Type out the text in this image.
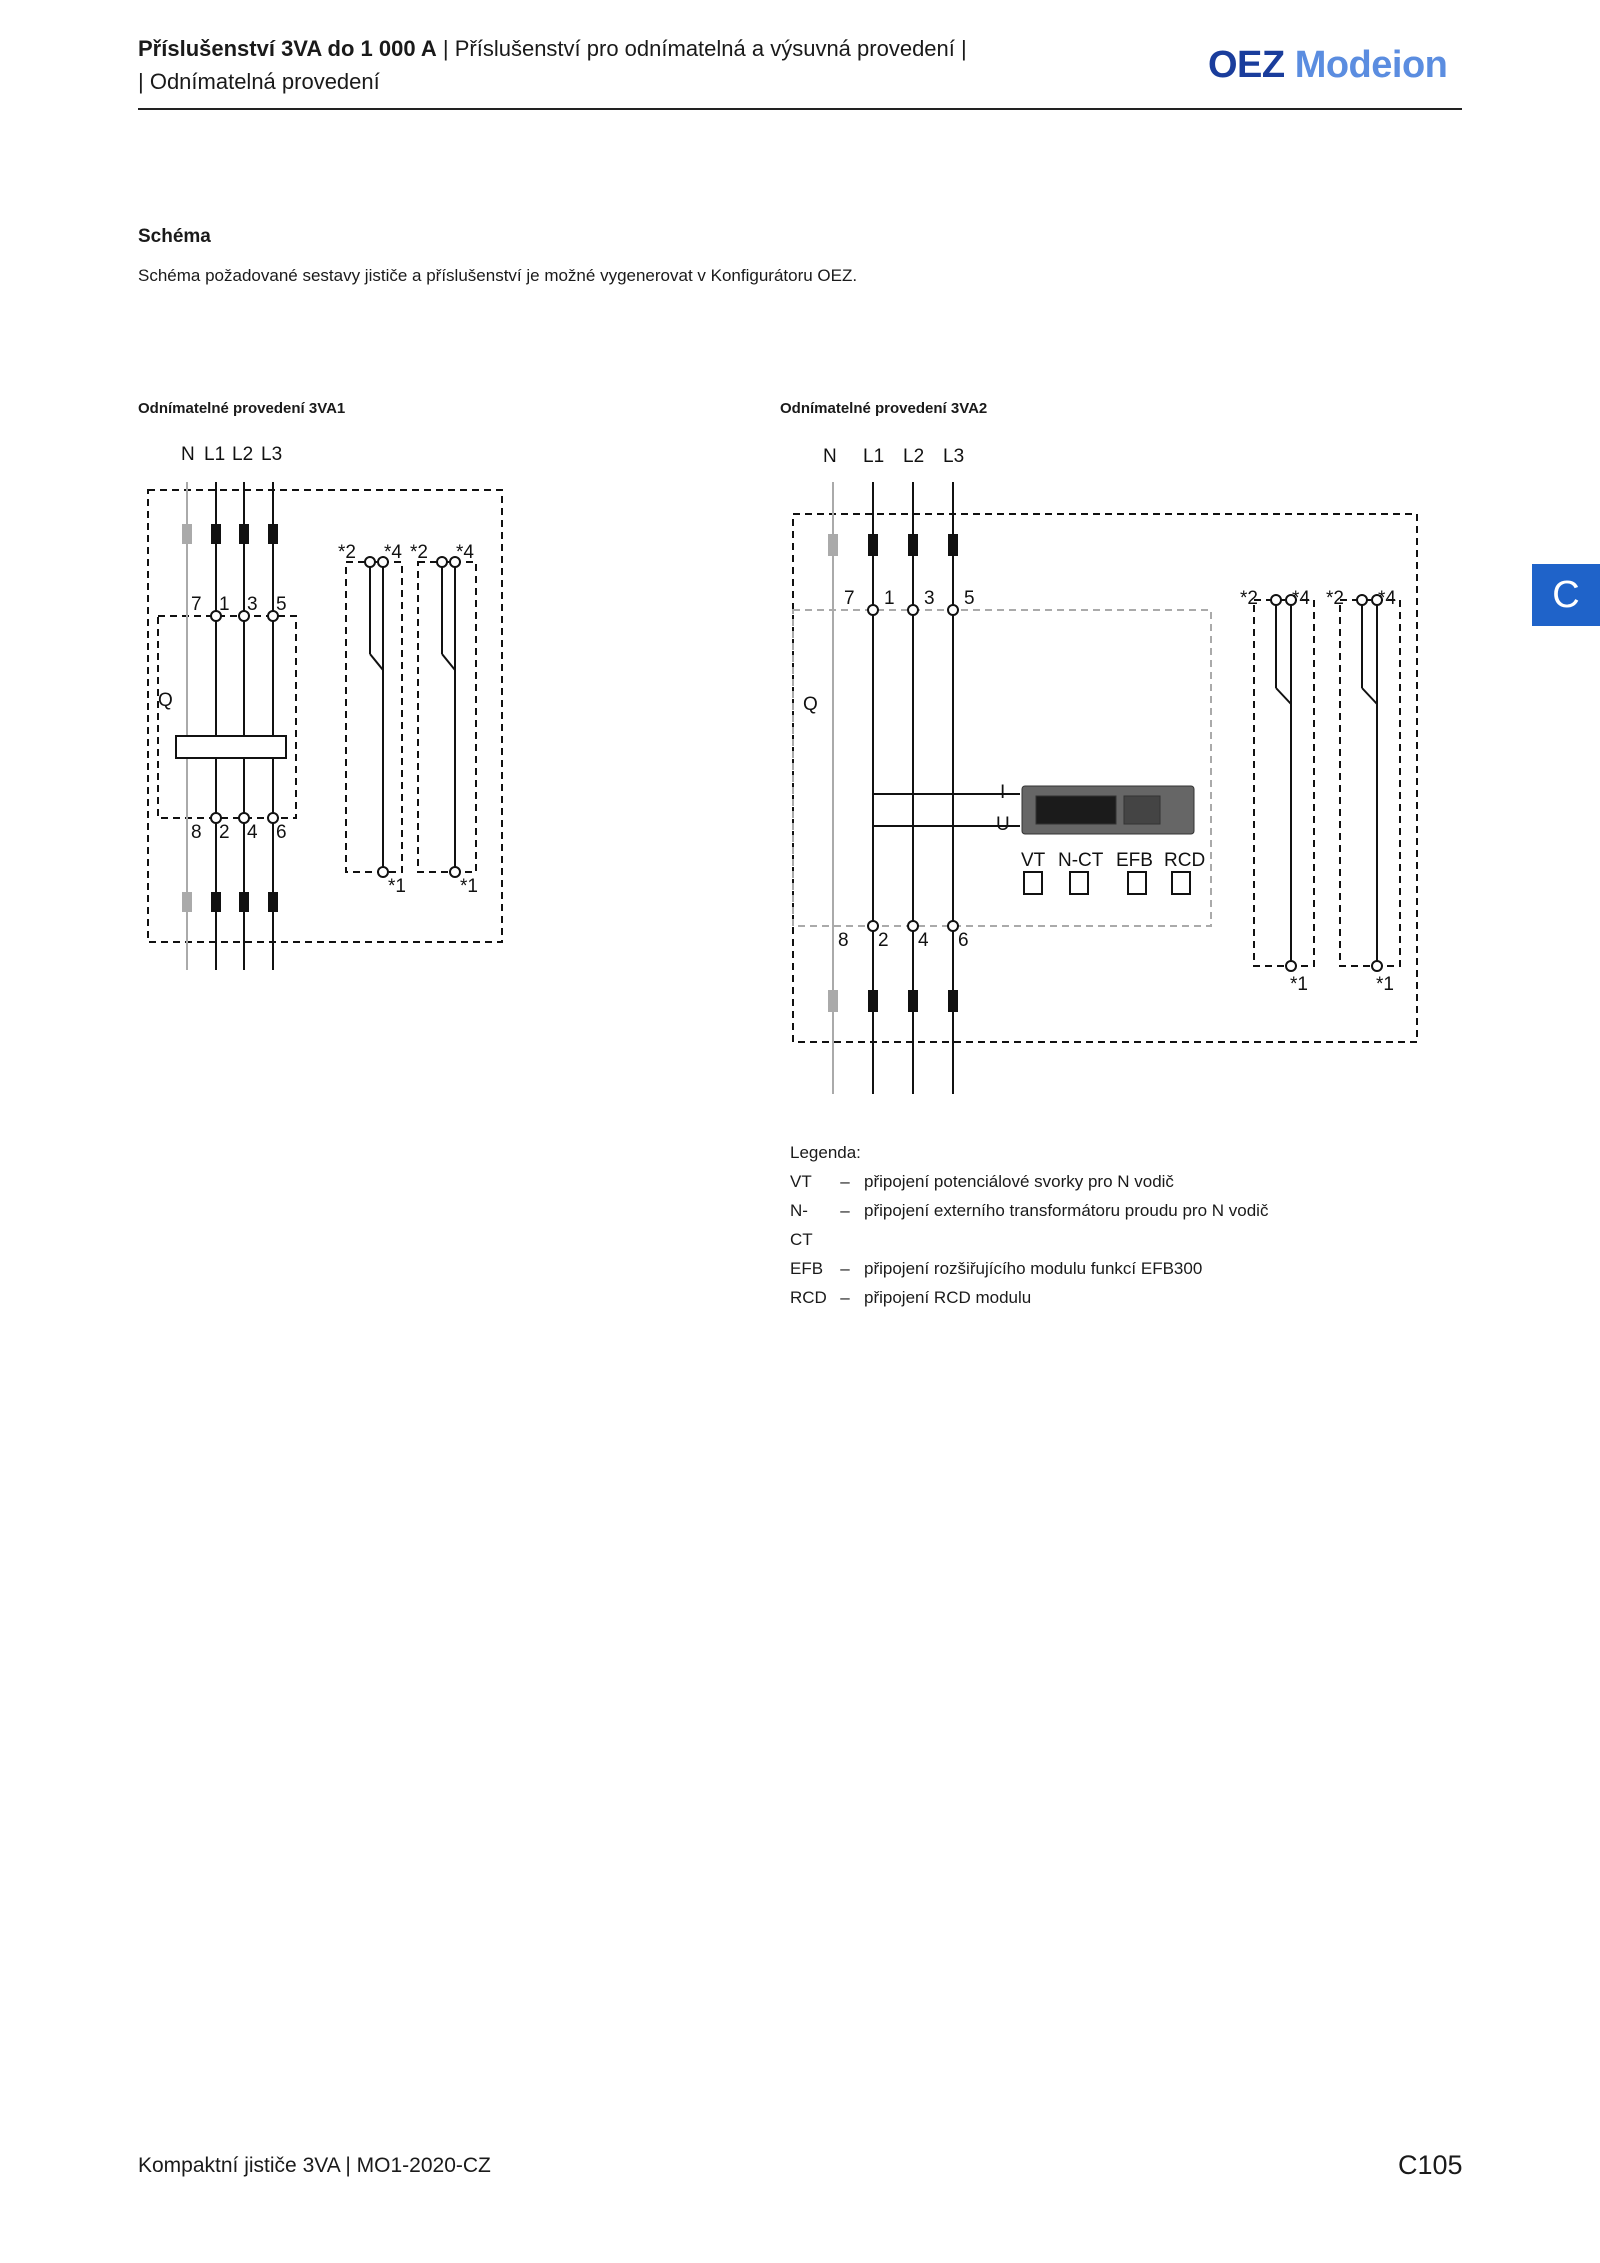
Příslušenství 3VA do 1 000 A | Příslušenství pro odnímatelná a výsuvná provedení |
| Odnímatelná provedení	OEZ Modeion
Schéma
Schéma požadované sestavy jističe a příslušenství je možné vygenerovat v Konfigurátoru OEZ.
Odnímatelné provedení 3VA1	Odnímatelné provedení 3VA2
C
N L1 L2 L3
7 1 3 5
8 2 4 6
Q
*2 *4 *2 *4
*1	*1
N L1 L2 L3
7 1 3 5
8 2 4 6
Q
I
U
VT N-CT EFB RCD
*2 *4 *2 *4
*1	*1
Legenda:
VT	– připojení potenciálové svorky pro N vodič
N-CT
– připojení externího transformátoru proudu pro N vodič
EFB	– připojení rozšiřujícího modulu funkcí EFB300
RCD – připojení RCD modulu
Kompaktní jističe 3VA | MO1-2020-CZ	C105
